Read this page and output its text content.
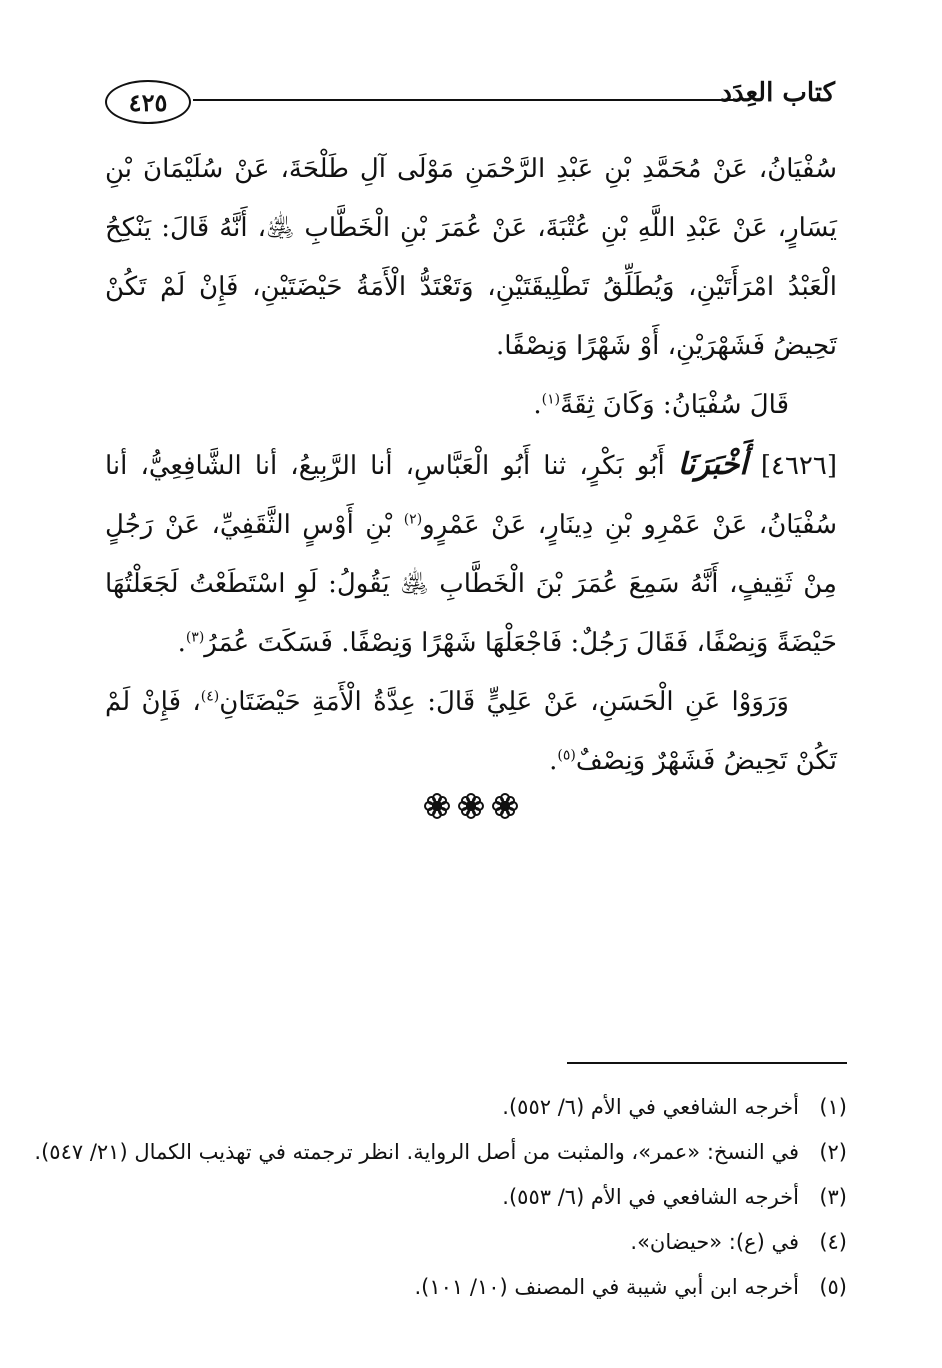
كتاب العِدَد
٤٢٥

سُفْيَانُ، عَنْ مُحَمَّدِ بْنِ عَبْدِ الرَّحْمَنِ مَوْلَى آلِ طَلْحَةَ، عَنْ سُلَيْمَانَ بْنِ يَسَارٍ، عَنْ عَبْدِ اللَّهِ بْنِ عُتْبَةَ، عَنْ عُمَرَ بْنِ الْخَطَّابِ ﵁، أَنَّهُ قَالَ: يَنْكِحُ الْعَبْدُ امْرَأَتَيْنِ، وَيُطَلِّقُ تَطْلِيقَتَيْنِ، وَتَعْتَدُّ الْأَمَةُ حَيْضَتَيْنِ، فَإِنْ لَمْ تَكُنْ تَحِيضُ فَشَهْرَيْنِ، أَوْ شَهْرًا وَنِصْفًا.

قَالَ سُفْيَانُ: وَكَانَ ثِقَةً$^{(١)}$.

[٤٦٢٦] أَخْبَرَنَا أَبُو بَكْرٍ، ثنا أَبُو الْعَبَّاسِ، أنا الرَّبِيعُ، أنا الشَّافِعِيُّ، أنا سُفْيَانُ، عَنْ عَمْرِو بْنِ دِينَارٍ، عَنْ عَمْرٍو$^{(٢)}$ بْنِ أَوْسٍ الثَّقَفِيِّ، عَنْ رَجُلٍ مِنْ ثَقِيفٍ، أَنَّهُ سَمِعَ عُمَرَ بْنَ الْخَطَّابِ ﵁ يَقُولُ: لَوِ اسْتَطَعْتُ لَجَعَلْتُهَا حَيْضَةً وَنِصْفًا، فَقَالَ رَجُلٌ: فَاجْعَلْهَا شَهْرًا وَنِصْفًا. فَسَكَتَ عُمَرُ$^{(٣)}$.

وَرَوَوْا عَنِ الْحَسَنِ، عَنْ عَلِيٍّ قَالَ: عِدَّةُ الْأَمَةِ حَيْضَتَانِ$^{(٤)}$، فَإِنْ لَمْ تَكُنْ تَحِيضُ فَشَهْرٌ وَنِصْفٌ$^{(٥)}$.

(١)أخرجه الشافعي في الأم (٦/ ٥٥٢).
(٢)في النسخ: «عمر»، والمثبت من أصل الرواية. انظر ترجمته في تهذيب الكمال (٢١/ ٥٤٧).
(٣)أخرجه الشافعي في الأم (٦/ ٥٥٣).
(٤)في (ع): «حيضان».
(٥)أخرجه ابن أبي شيبة في المصنف (١٠/ ١٠١).
